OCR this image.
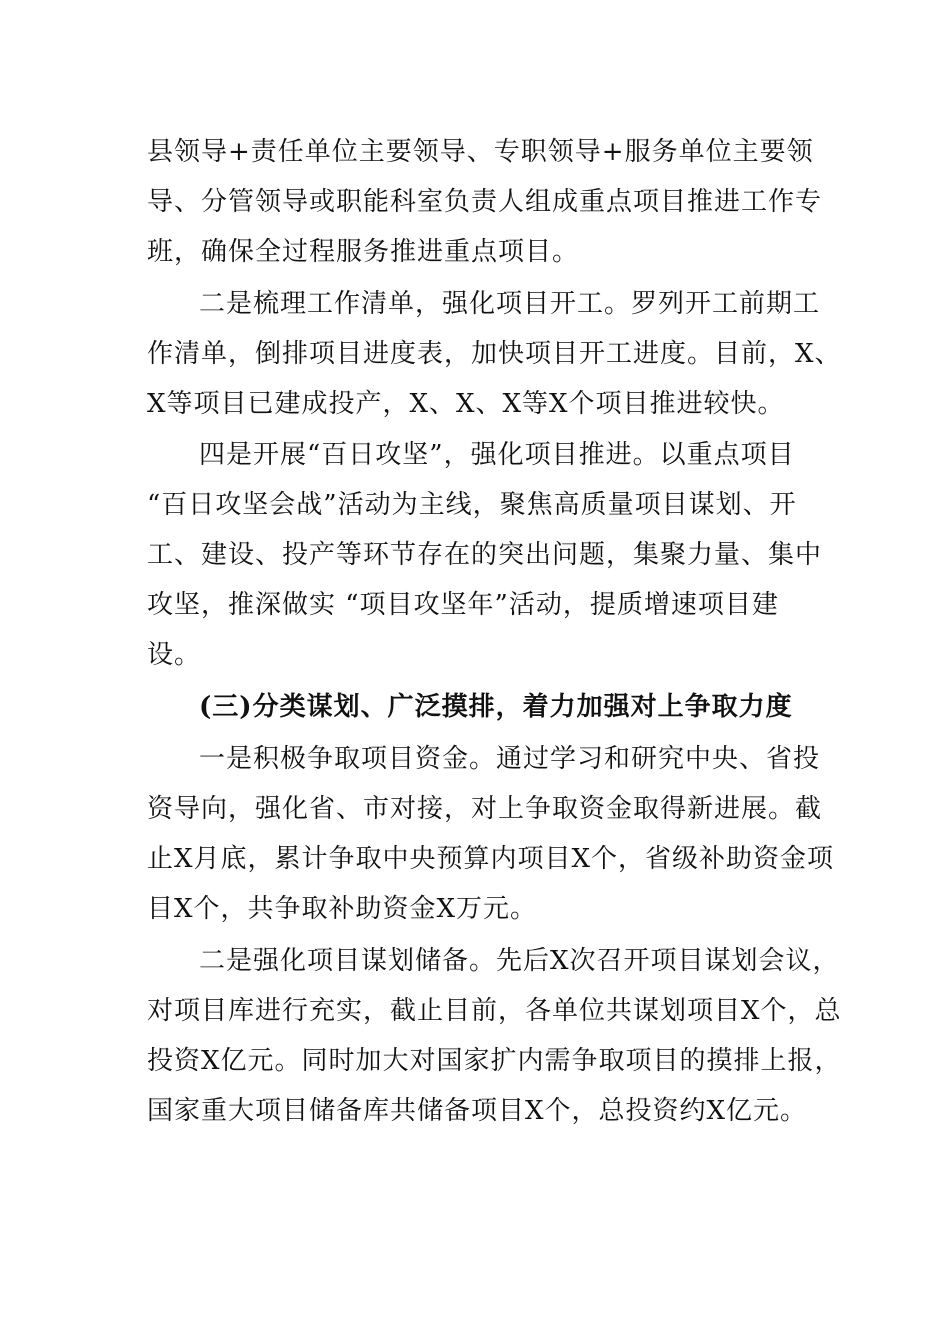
县领导+责任单位主要领导、专职领导+服务单位主要领
导、分管领导或职能科室负责人组成重点项目推进工作专
班，确保全过程服务推进重点项目。
二是梳理工作清单，强化项目开工。罗列开工前期工
作清单，倒排项目进度表，加快项目开工进度。目前，X、
X等项目已建成投产，X、X、X等X个项目推进较快。
四是开展“百日攻坚”，强化项目推进。以重点项目
“百日攻坚会战”活动为主线，聚焦高质量项目谋划、开
工、建设、投产等环节存在的突出问题，集聚力量、集中
攻坚，推深做实 “项目攻坚年”活动，提质增速项目建
设。
(三)分类谋划、广泛摸排，着力加强对上争取力度
一是积极争取项目资金。通过学习和研究中央、省投
资导向，强化省、市对接，对上争取资金取得新进展。截
止X月底，累计争取中央预算内项目X个，省级补助资金项
目X个，共争取补助资金X万元。
二是强化项目谋划储备。先后X次召开项目谋划会议，
对项目库进行充实，截止目前，各单位共谋划项目X个，总
投资X亿元。同时加大对国家扩内需争取项目的摸排上报，
国家重大项目储备库共储备项目X个，总投资约X亿元。
